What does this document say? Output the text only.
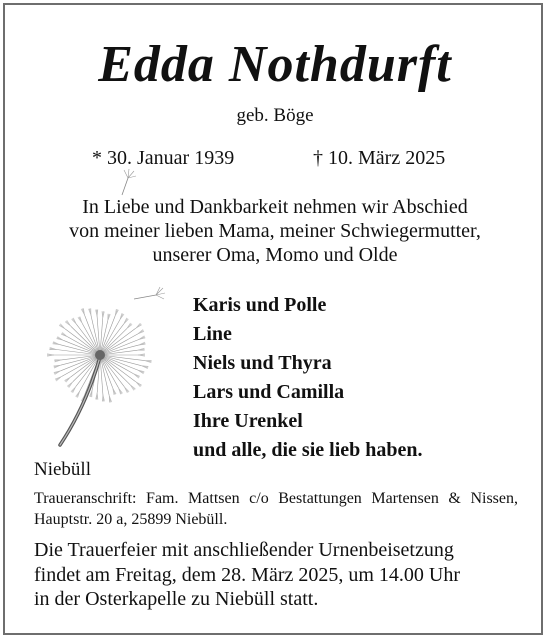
Edda Nothdurft
geb. Böge
* 30. Januar 1939	† 10. März 2025
In Liebe und Dankbarkeit nehmen wir Abschied
von meiner lieben Mama, meiner Schwiegermutter,
unserer Oma, Momo und Olde
Karis und Polle
Line
Niels und Thyra
Lars und Camilla
Ihre Urenkel
und alle, die sie lieb haben.
Niebüll
Traueranschrift: Fam. Mattsen c/o Bestattungen Martensen & Nissen, Hauptstr. 20 a, 25899 Niebüll.
Die Trauerfeier mit anschließender Urnenbeisetzung
findet am Freitag, dem 28. März 2025, um 14.00 Uhr
in der Osterkapelle zu Niebüll statt.
